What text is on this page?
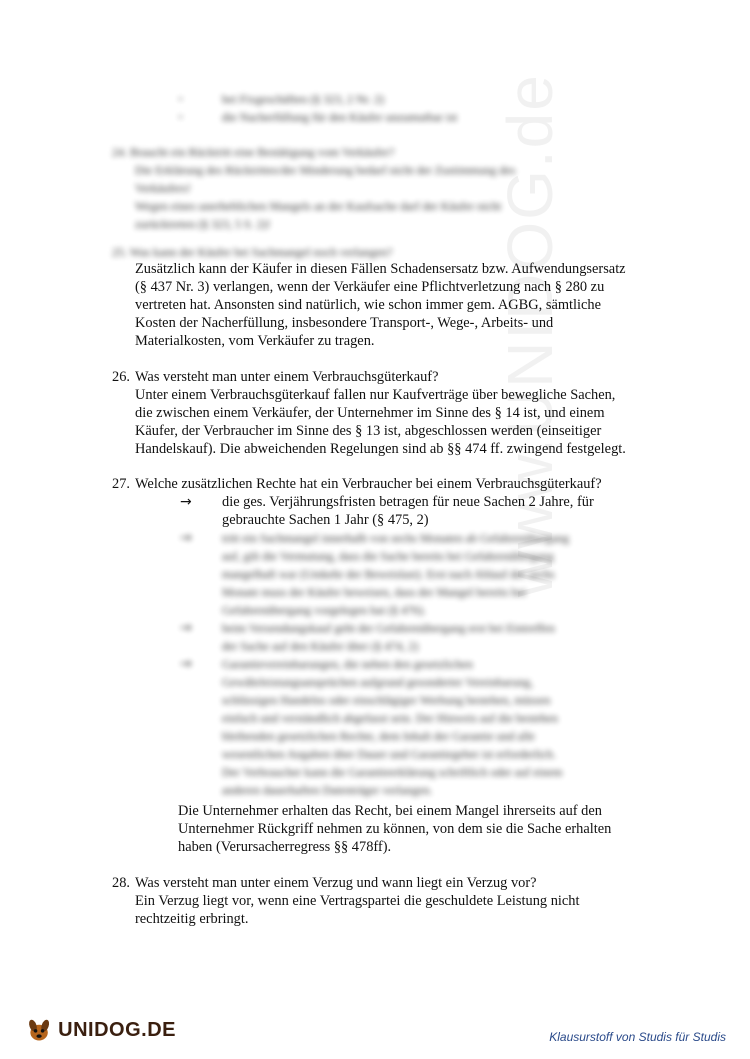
www.UNIDOG.de
-	bei Fixgeschäften (§ 323, 2 Nr. 2)
-	die Nacherfüllung für den Käufer unzumutbar ist
24. Braucht ein Rücktritt eine Bestätigung vom Verkäufer?
Die Erklärung des Rücktrittes/der Minderung bedarf nicht der Zustimmung des
Verkäufers!
Wegen eines unerheblichen Mangels an der Kaufsache darf der Käufer nicht
zurücktreten (§ 323, 5 S. 2)!
25. Was kann der Käufer bei Sachmangel noch verlangen?
Zusätzlich kann der Käufer in diesen Fällen Schadensersatz bzw. Aufwendungsersatz
(§ 437 Nr. 3) verlangen, wenn der Verkäufer eine Pflichtverletzung nach § 280 zu
vertreten hat. Ansonsten sind natürlich, wie schon immer gem. AGBG, sämtliche
Kosten der Nacherfüllung, insbesondere Transport-, Wege-, Arbeits- und
Materialkosten, vom Verkäufer zu tragen.
26. Was versteht man unter einem Verbrauchsgüterkauf?
Unter einem Verbrauchsgüterkauf fallen nur Kaufverträge über bewegliche Sachen,
die zwischen einem Verkäufer, der Unternehmer im Sinne des § 14 ist, und einem
Käufer, der Verbraucher im Sinne des § 13 ist, abgeschlossen werden (einseitiger
Handelskauf). Die abweichenden Regelungen sind ab §§ 474 ff. zwingend festgelegt.
27. Welche zusätzlichen Rechte hat ein Verbraucher bei einem Verbrauchsgüterkauf?
→ die ges. Verjährungsfristen betragen für neue Sachen 2 Jahre, für
gebrauchte Sachen 1 Jahr (§ 475, 2)
→	tritt ein Sachmangel innerhalb von sechs Monaten ab Gefahrenübergang
auf, gilt die Vermutung, dass die Sache bereits bei Gefahrenübergang
mangelhaft war (Umkehr der Beweislast). Erst nach Ablauf der sechs
Monate muss der Käufer beweisen, dass der Mangel bereits bei
Gefahrenübergang vorgelegen hat (§ 476).
→	beim Versendungskauf geht der Gefahrenübergang erst bei Eintreffen
der Sache auf den Käufer über (§ 474, 2)
→	Garantievereinbarungen, die neben den gesetzlichen
Gewährleistungsansprüchen aufgrund gesonderter Vereinbarung,
schlüssigen Handelns oder einschlägiger Werbung bestehen, müssen
einfach und verständlich abgefasst sein. Der Hinweis auf die bestehen
bleibenden gesetzlichen Rechte, dem Inhalt der Garantie und alle
wesentlichen Angaben über Dauer und Garantiegeber ist erforderlich.
Der Verbraucher kann die Garantieerklärung schriftlich oder auf einem
anderen dauerhaften Datenträger verlangen.
Die Unternehmer erhalten das Recht, bei einem Mangel ihrerseits auf den
Unternehmer Rückgriff nehmen zu können, von dem sie die Sache erhalten
haben (Verursacherregress §§ 478ff).
28. Was versteht man unter einem Verzug und wann liegt ein Verzug vor?
Ein Verzug liegt vor, wenn eine Vertragspartei die geschuldete Leistung nicht
rechtzeitig erbringt.
UNIDOG.DE	Klausurstoff von Studis für Studis
